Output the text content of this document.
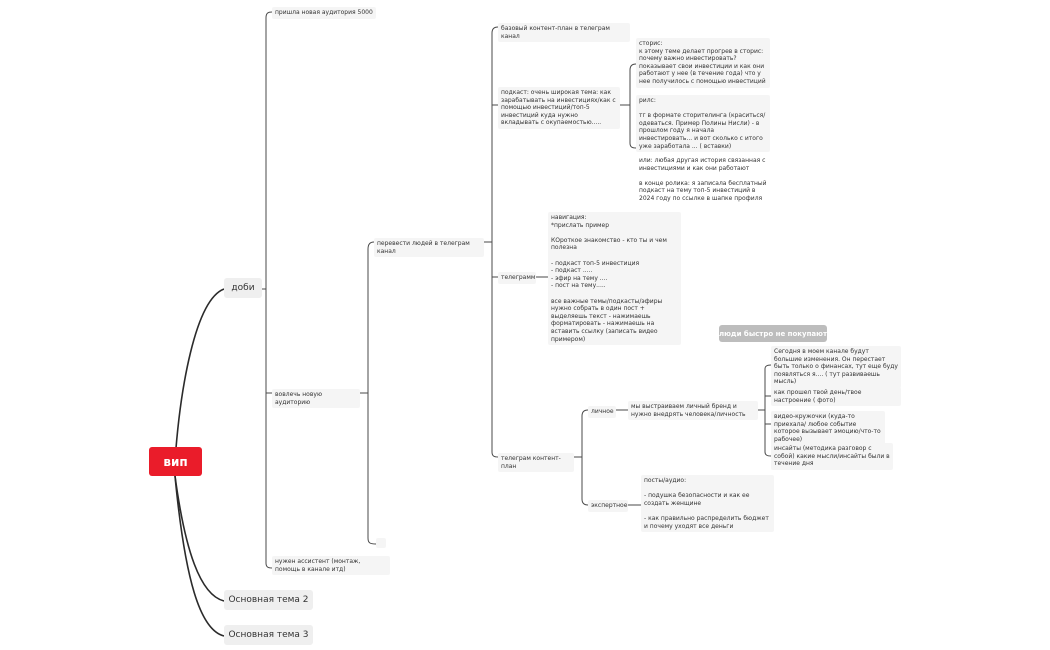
вип
доби
Основная тема 2
Основная тема 3
пришла новая аудитория 5000
вовлечь новую аудиторию
нужен ассистент (монтаж, помощь в канале итд)
перевести людей в телеграм канал
базовый контент-план в телеграм канал
подкаст: очень широкая тема: как зарабатывать на инвестициях/как с помощью инвестиций/топ-5 инвестиций куда нужно вкладывать с окупаемостью.....
сторис:
к этому теме делает прогрев в сторис: почему важно инвестировать?
показывает свои инвестиции и как они работают у нее (в течение года) что у нее получилось с помощью инвестиций
рилс:

тг в формате сторителинга (краситься/одеваться. Пример Полины Нисли) - в прошлом году я начала инвестировать... и вот сколько с итого уже заработала ... ( вставки)
или: любая другая история связанная с инвестициями и как они работают

в конце ролика: я записала бесплатный подкаст на тему топ-5 инвестиций в 2024 году по ссылке в шапке профиля
телеграмм
навигация:
*прислать пример

КОроткое знакомство - кто ты и чем полезна

- подкаст топ-5 инвестиция
- подкаст .....
- эфир на тему ....
- пост на тему.....

все важные темы/подкасты/эфиры нужно собрать в один пост + выделяешь текст - нажимаешь форматировать - нажимаешь на вставить ссылку (записать видео примером)
телеграм контент-план
люди быстро не покупают
личное
мы выстраиваем личный бренд и нужно внедрять человека/личность
Сегодня в моем канале будут большие изменения. Он перестает быть только о финансах, тут еще буду появляться я.... ( тут развиваешь мысль)
как прошел твой день/твое настроение ( фото)
видео-кружочки (куда-то приехала/ любое событие которое вызывает эмоцию/что-то рабочее)
инсайты (методика разговор с собой) какие мысли/инсайты были в течение дня
экспертное
посты/аудио:

- подушка безопасности и как ее создать женщине

- как правильно распределить бюджет и почему уходят все деньги
